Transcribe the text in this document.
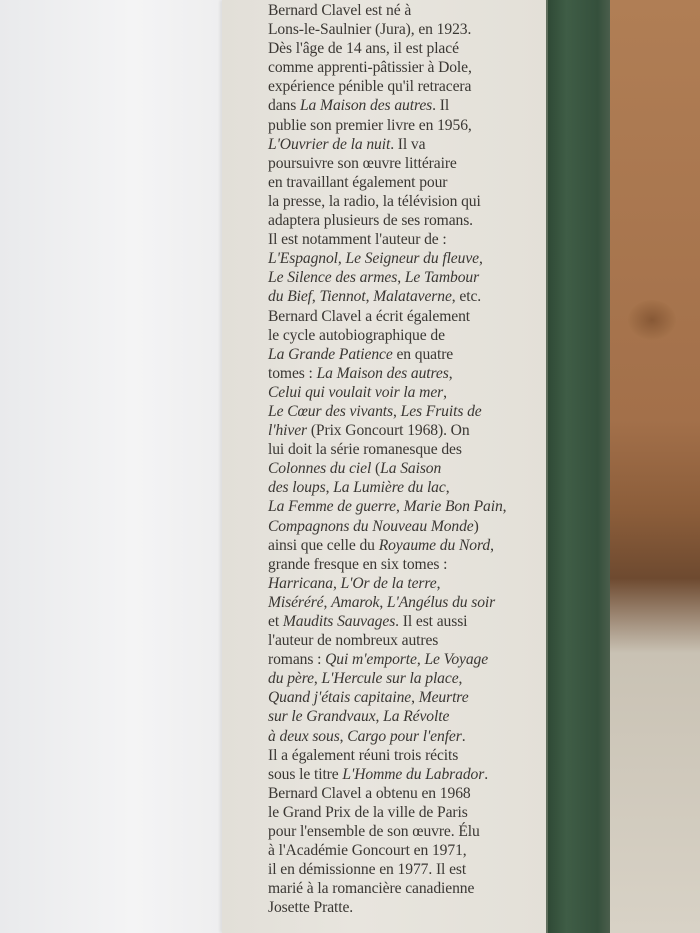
Bernard Clavel est né à
Lons-le-Saulnier (Jura), en 1923.
Dès l'âge de 14 ans, il est placé
comme apprenti-pâtissier à Dole,
expérience pénible qu'il retracera
dans La Maison des autres. Il
publie son premier livre en 1956,
L'Ouvrier de la nuit. Il va
poursuivre son œuvre littéraire
en travaillant également pour
la presse, la radio, la télévision qui
adaptera plusieurs de ses romans.
Il est notamment l'auteur de :
L'Espagnol, Le Seigneur du fleuve,
Le Silence des armes, Le Tambour
du Bief, Tiennot, Malataverne, etc.
Bernard Clavel a écrit également
le cycle autobiographique de
La Grande Patience en quatre
tomes : La Maison des autres,
Celui qui voulait voir la mer,
Le Cœur des vivants, Les Fruits de
l'hiver (Prix Goncourt 1968). On
lui doit la série romanesque des
Colonnes du ciel (La Saison
des loups, La Lumière du lac,
La Femme de guerre, Marie Bon Pain,
Compagnons du Nouveau Monde)
ainsi que celle du Royaume du Nord,
grande fresque en six tomes :
Harricana, L'Or de la terre,
Miséréré, Amarok, L'Angélus du soir
et Maudits Sauvages. Il est aussi
l'auteur de nombreux autres
romans : Qui m'emporte, Le Voyage
du père, L'Hercule sur la place,
Quand j'étais capitaine, Meurtre
sur le Grandvaux, La Révolte
à deux sous, Cargo pour l'enfer.
Il a également réuni trois récits
sous le titre L'Homme du Labrador.
Bernard Clavel a obtenu en 1968
le Grand Prix de la ville de Paris
pour l'ensemble de son œuvre. Élu
à l'Académie Goncourt en 1971,
il en démissionne en 1977. Il est
marié à la romancière canadienne
Josette Pratte.
